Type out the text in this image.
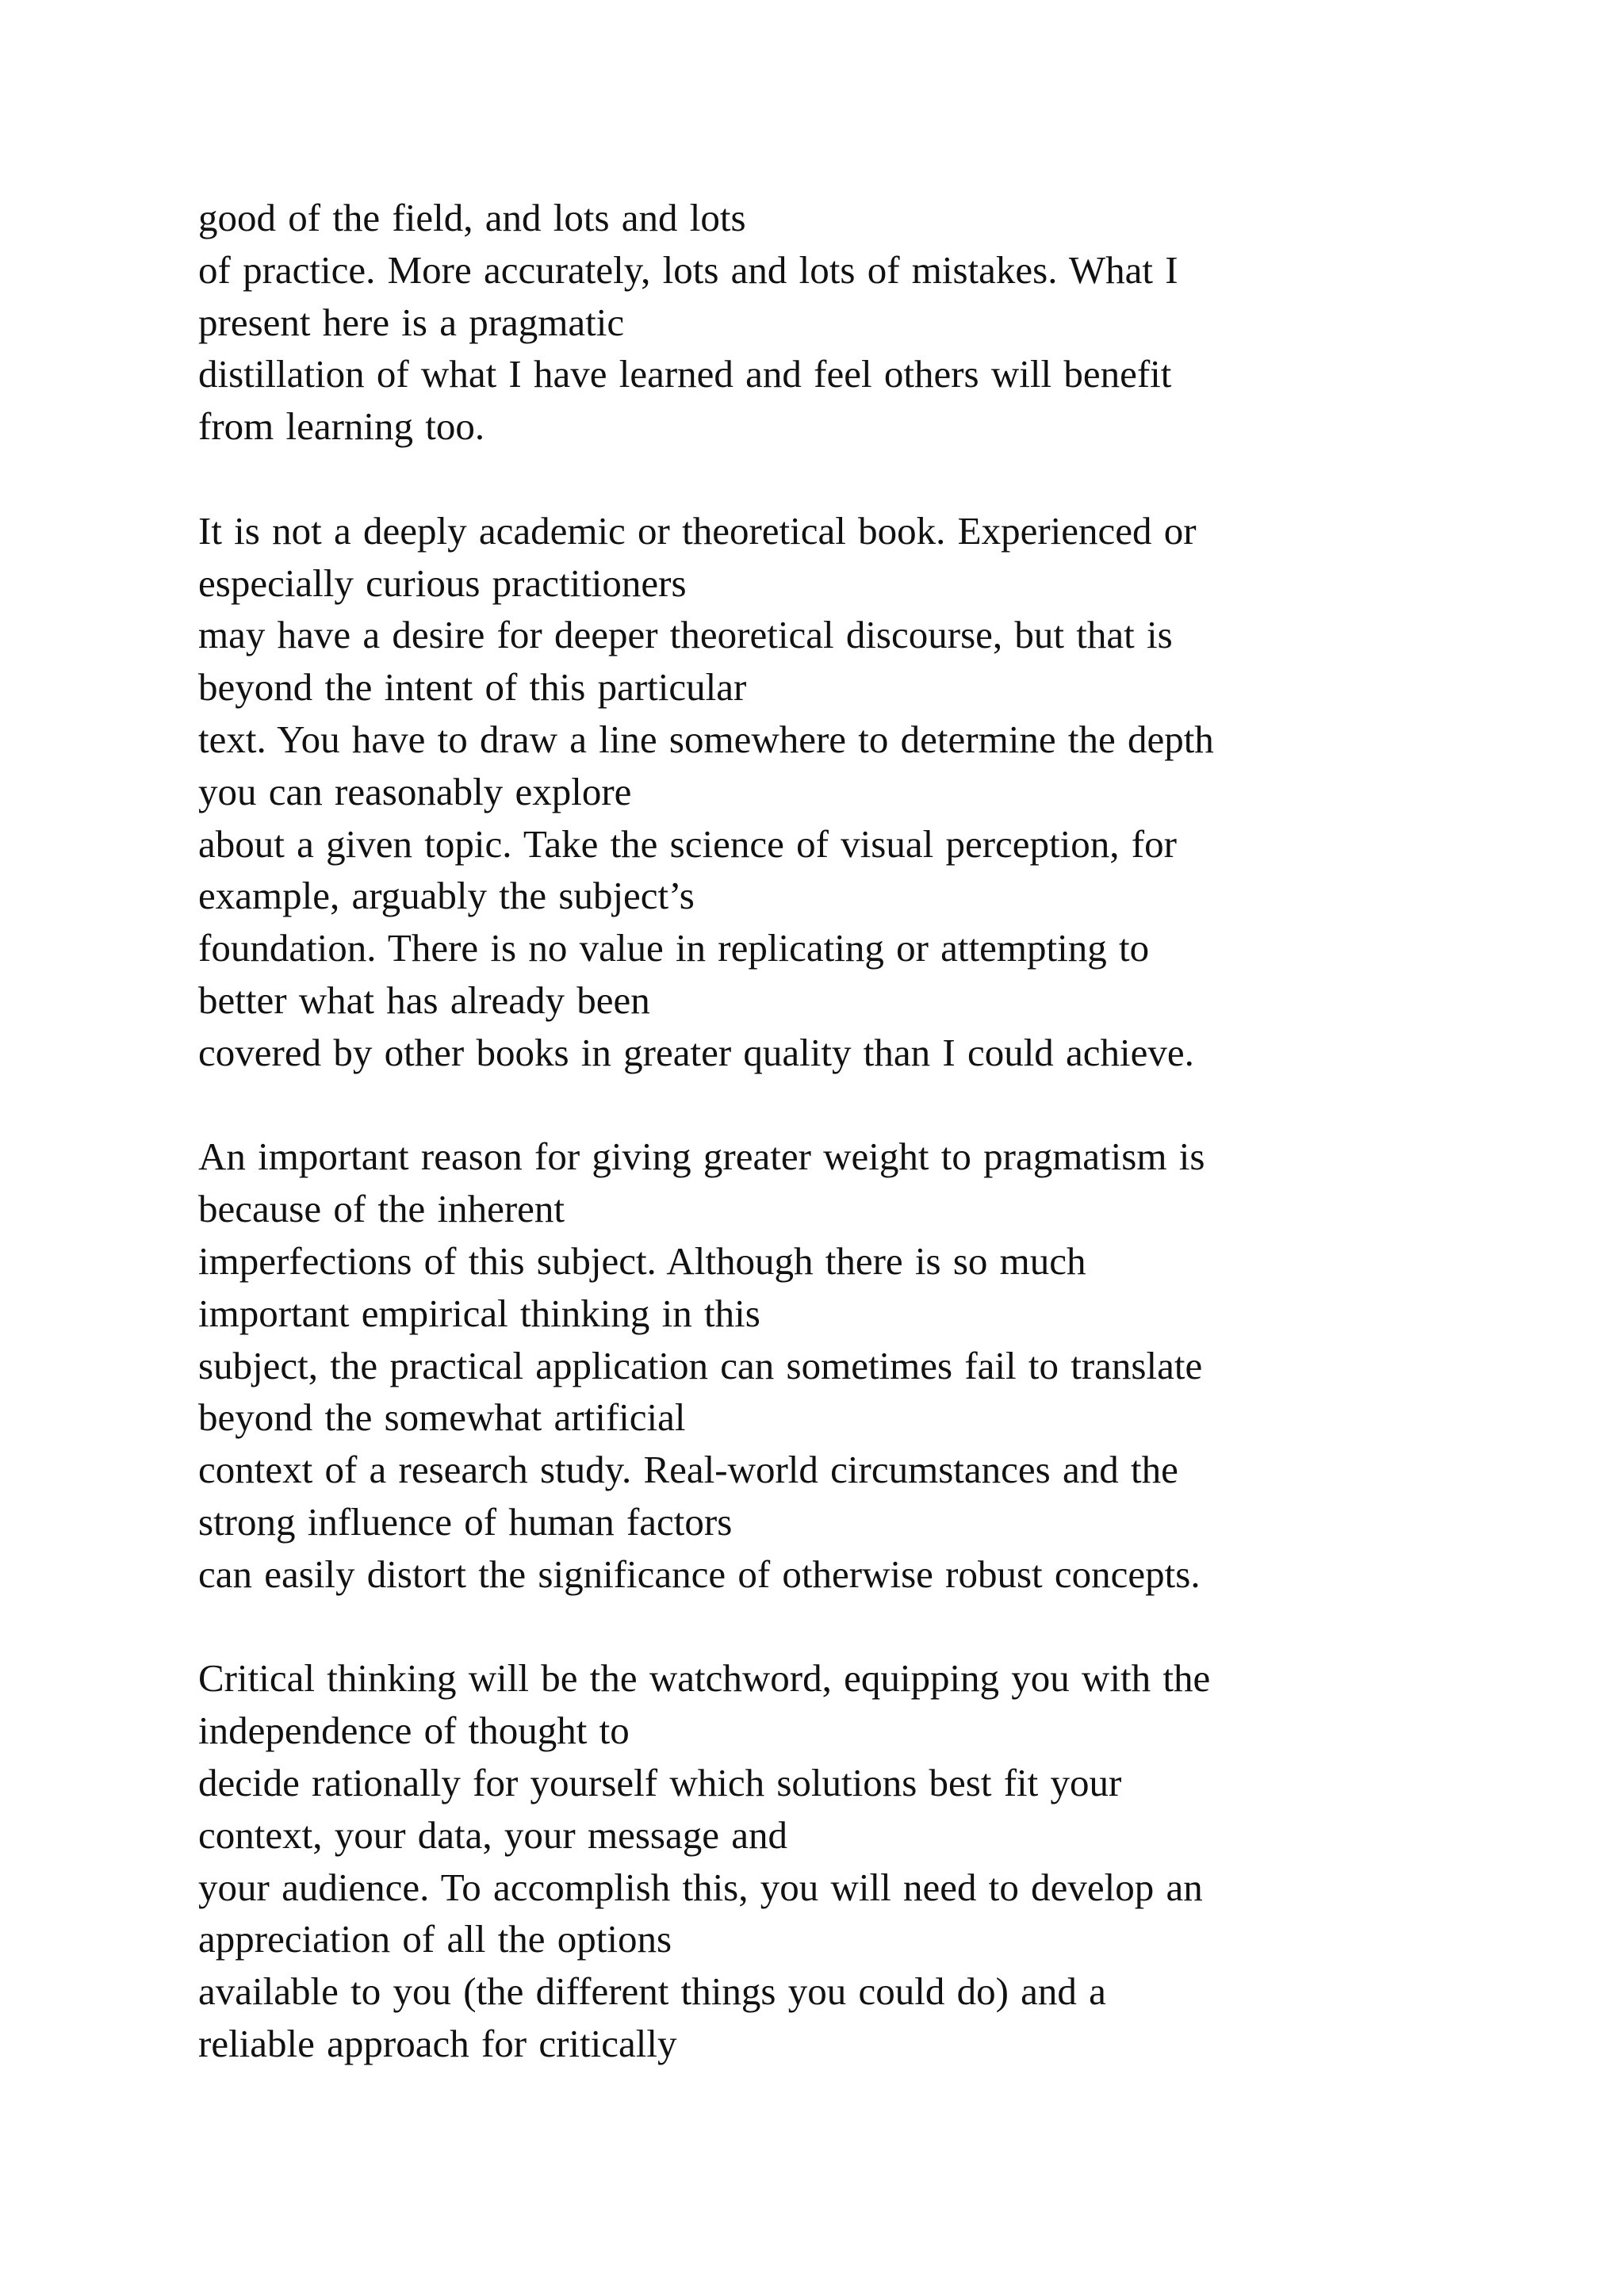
good of the field, and lots and lots
of practice. More accurately, lots and lots of mistakes. What I
present here is a pragmatic
distillation of what I have learned and feel others will benefit
from learning too.

It is not a deeply academic or theoretical book. Experienced or
especially curious practitioners
may have a desire for deeper theoretical discourse, but that is
beyond the intent of this particular
text. You have to draw a line somewhere to determine the depth
you can reasonably explore
about a given topic. Take the science of visual perception, for
example, arguably the subject’s
foundation. There is no value in replicating or attempting to
better what has already been
covered by other books in greater quality than I could achieve.

An important reason for giving greater weight to pragmatism is
because of the inherent
imperfections of this subject. Although there is so much
important empirical thinking in this
subject, the practical application can sometimes fail to translate
beyond the somewhat artificial
context of a research study. Real-world circumstances and the
strong influence of human factors
can easily distort the significance of otherwise robust concepts.

Critical thinking will be the watchword, equipping you with the
independence of thought to
decide rationally for yourself which solutions best fit your
context, your data, your message and
your audience. To accomplish this, you will need to develop an
appreciation of all the options
available to you (the different things you could do) and a
reliable approach for critically
